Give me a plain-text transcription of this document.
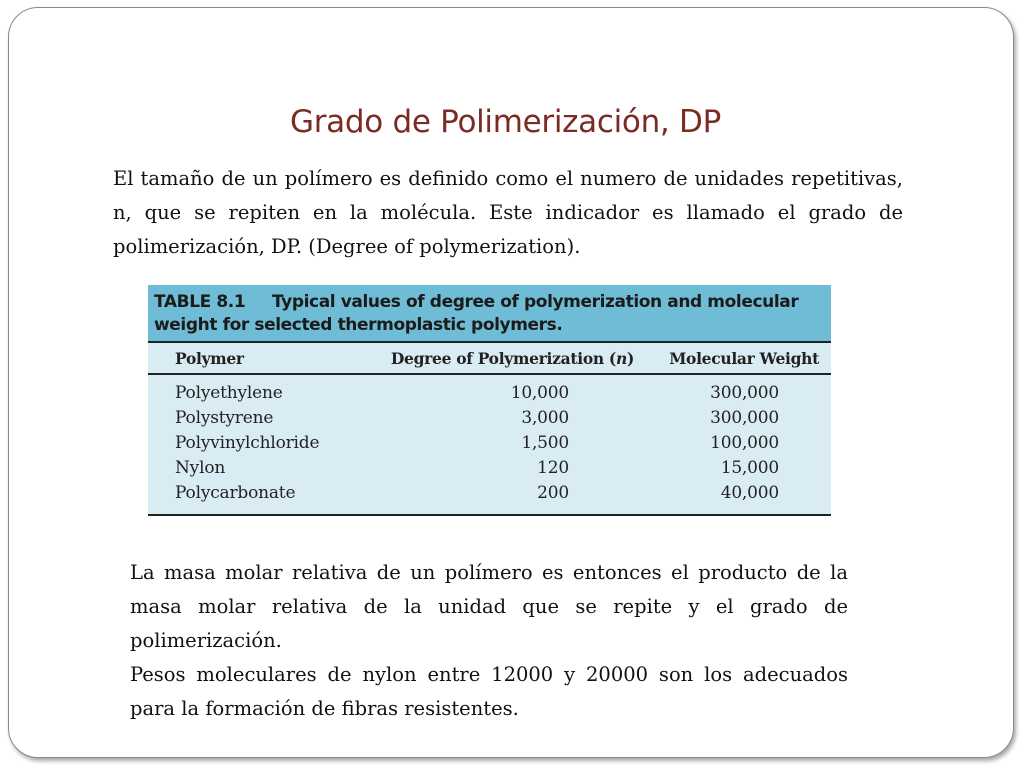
Grado de Polimerización, DP

El tamaño de un polímero es definido como el numero de unidades repetitivas, n, que se repiten en la molécula. Este indicador es llamado el grado de polimerización, DP. (Degree of polymerization).

TABLE 8.1 Typical values of degree of polymerization and molecular weight for selected thermoplastic polymers.
Polymer	Degree of Polymerization (n)	Molecular Weight
Polyethylene	10,000	300,000
Polystyrene	3,000	300,000
Polyvinylchloride	1,500	100,000
Nylon	120	15,000
Polycarbonate	200	40,000

La masa molar relativa de un polímero es entonces el producto de la masa molar relativa de la unidad que se repite y el grado de polimerización.

Pesos moleculares de nylon entre 12000 y 20000 son los adecuados para la formación de fibras resistentes.
